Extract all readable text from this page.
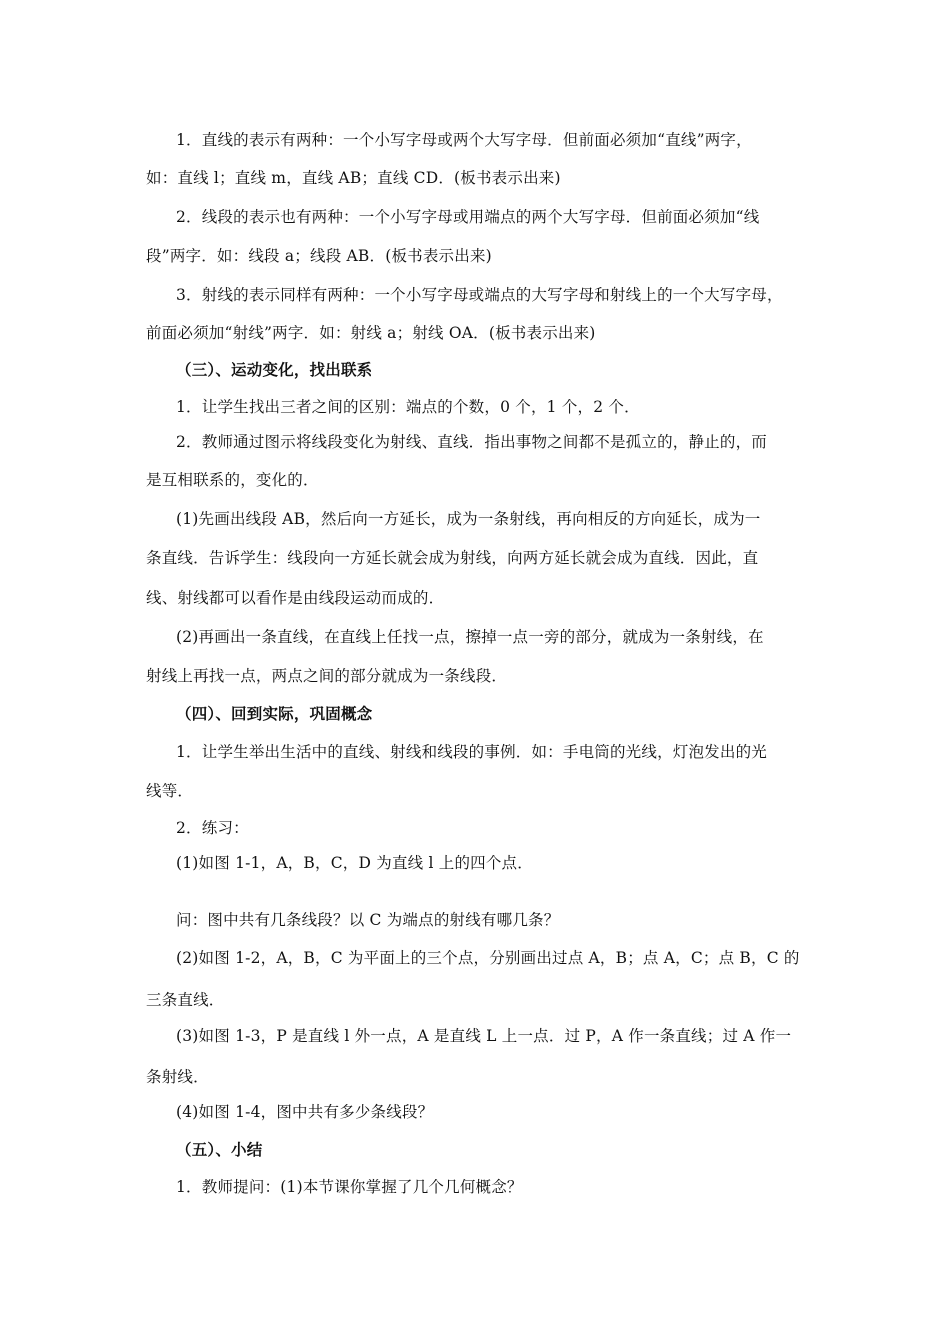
1．直线的表示有两种：一个小写字母或两个大写字母．但前面必须加“直线”两字，
如：直线 l；直线 m，直线 AB；直线 CD．(板书表示出来)
2．线段的表示也有两种：一个小写字母或用端点的两个大写字母．但前面必须加“线
段”两字．如：线段 a；线段 AB．(板书表示出来)
3．射线的表示同样有两种：一个小写字母或端点的大写字母和射线上的一个大写字母，
前面必须加“射线”两字．如：射线 a；射线 OA．(板书表示出来)
（三）、运动变化，找出联系
1．让学生找出三者之间的区别：端点的个数，0 个，1 个，2 个．
2．教师通过图示将线段变化为射线、直线．指出事物之间都不是孤立的，静止的，而
是互相联系的，变化的．
(1)先画出线段 AB，然后向一方延长，成为一条射线，再向相反的方向延长，成为一
条直线．告诉学生：线段向一方延长就会成为射线，向两方延长就会成为直线．因此，直
线、射线都可以看作是由线段运动而成的．
(2)再画出一条直线，在直线上任找一点，擦掉一点一旁的部分，就成为一条射线，在
射线上再找一点，两点之间的部分就成为一条线段．
（四）、回到实际，巩固概念
1．让学生举出生活中的直线、射线和线段的事例．如：手电筒的光线，灯泡发出的光
线等．
2．练习：
(1)如图 1-1，A，B，C，D 为直线 l 上的四个点．
问：图中共有几条线段？以 C 为端点的射线有哪几条？
(2)如图 1-2，A，B，C 为平面上的三个点，分别画出过点 A，B；点 A，C；点 B，C 的
三条直线．
(3)如图 1-3，P 是直线 l 外一点，A 是直线 L 上一点．过 P，A 作一条直线；过 A 作一
条射线．
(4)如图 1-4，图中共有多少条线段？
（五）、小结
1．教师提问：(1)本节课你掌握了几个几何概念？
